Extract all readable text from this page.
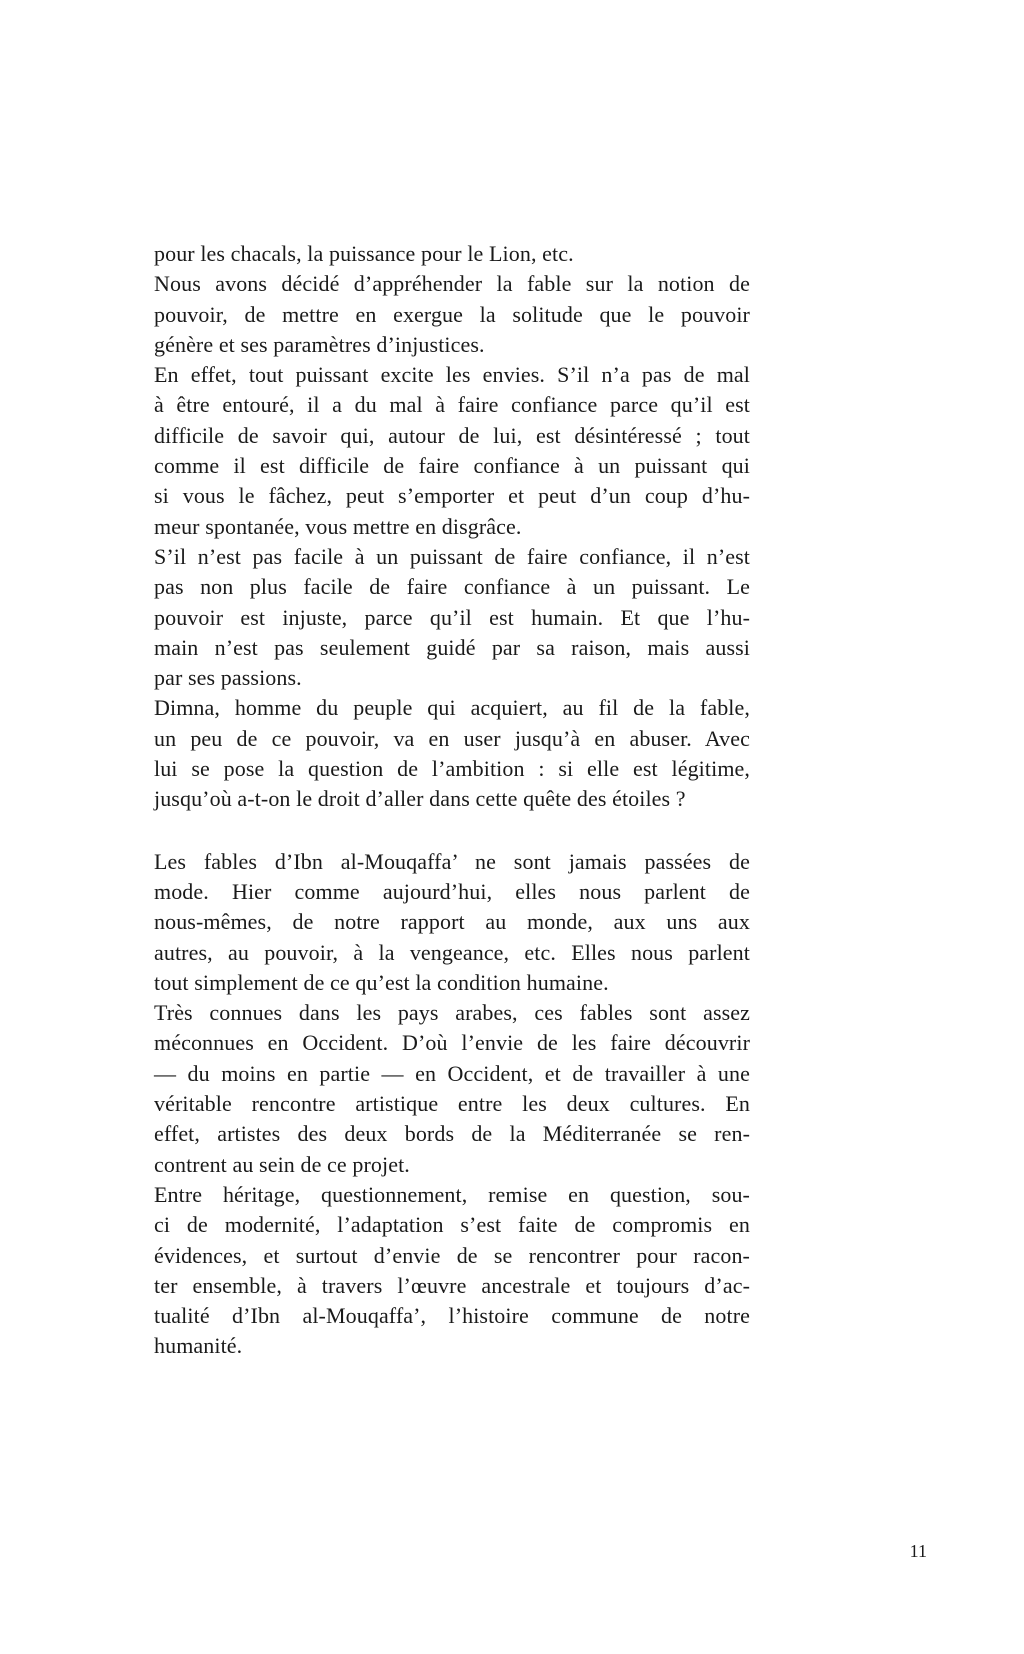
pour les chacals, la puissance pour le Lion, etc.
Nous avons décidé d’appréhender la fable sur la notion de
pouvoir, de mettre en exergue la solitude que le pouvoir
génère et ses paramètres d’injustices.
En effet, tout puissant excite les envies. S’il n’a pas de mal
à être entouré, il a du mal à faire confiance parce qu’il est
difficile de savoir qui, autour de lui, est désintéressé ; tout
comme il est difficile de faire confiance à un puissant qui
si vous le fâchez, peut s’emporter et peut d’un coup d’hu-
meur spontanée, vous mettre en disgrâce.
S’il n’est pas facile à un puissant de faire confiance, il n’est
pas non plus facile de faire confiance à un puissant. Le
pouvoir est injuste, parce qu’il est humain. Et que l’hu-
main n’est pas seulement guidé par sa raison, mais aussi
par ses passions.
Dimna, homme du peuple qui acquiert, au fil de la fable,
un peu de ce pouvoir, va en user jusqu’à en abuser. Avec
lui se pose la question de l’ambition : si elle est légitime,
jusqu’où a-t-on le droit d’aller dans cette quête des étoiles ?
Les fables d’Ibn al-Mouqaffa’ ne sont jamais passées de
mode. Hier comme aujourd’hui, elles nous parlent de
nous-mêmes, de notre rapport au monde, aux uns aux
autres, au pouvoir, à la vengeance, etc. Elles nous parlent
tout simplement de ce qu’est la condition humaine.
Très connues dans les pays arabes, ces fables sont assez
méconnues en Occident. D’où l’envie de les faire découvrir
— du moins en partie — en Occident, et de travailler à une
véritable rencontre artistique entre les deux cultures. En
effet, artistes des deux bords de la Méditerranée se ren-
contrent au sein de ce projet.
Entre héritage, questionnement, remise en question, sou-
ci de modernité, l’adaptation s’est faite de compromis en
évidences, et surtout d’envie de se rencontrer pour racon-
ter ensemble, à travers l’œuvre ancestrale et toujours d’ac-
tualité d’Ibn al-Mouqaffa’, l’histoire commune de notre
humanité.
11
